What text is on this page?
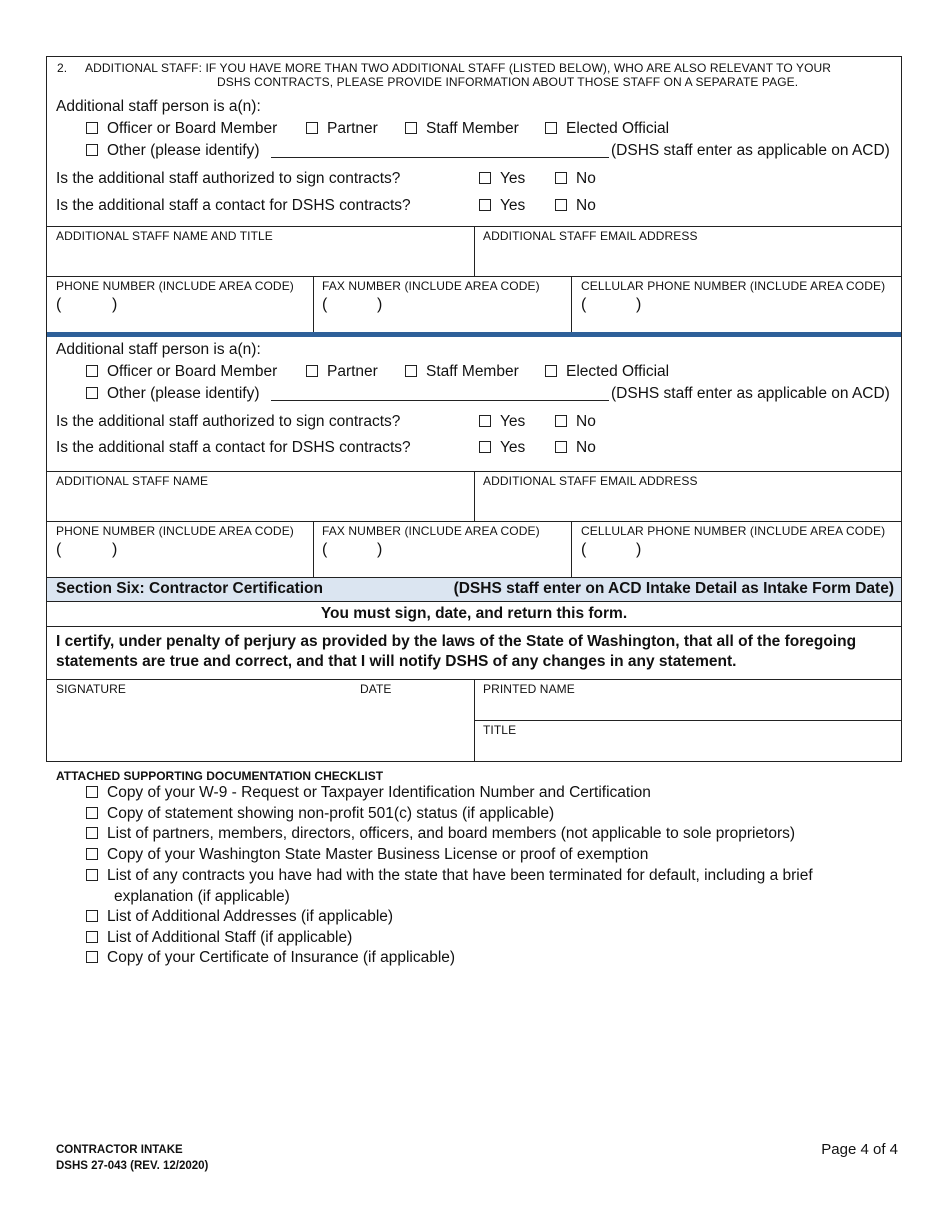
2. ADDITIONAL STAFF: IF YOU HAVE MORE THAN TWO ADDITIONAL STAFF (LISTED BELOW), WHO ARE ALSO RELEVANT TO YOUR
DSHS CONTRACTS, PLEASE PROVIDE INFORMATION ABOUT THOSE STAFF ON A SEPARATE PAGE.
Additional staff person is a(n):
Officer or Board Member	Partner	Staff Member	Elected Official
Other (please identify)	(DSHS staff enter as applicable on ACD)
Is the additional staff authorized to sign contracts?	Yes	No
Is the additional staff a contact for DSHS contracts?	Yes	No
ADDITIONAL STAFF NAME AND TITLE	ADDITIONAL STAFF EMAIL ADDRESS
PHONE NUMBER (INCLUDE AREA CODE)
(	)
FAX NUMBER (INCLUDE AREA CODE)
(	)
CELLULAR PHONE NUMBER (INCLUDE AREA CODE)
(	)
Additional staff person is a(n):
Officer or Board Member	Partner	Staff Member	Elected Official
Other (please identify)	(DSHS staff enter as applicable on ACD)
Is the additional staff authorized to sign contracts?	Yes	No
Is the additional staff a contact for DSHS contracts?	Yes	No
ADDITIONAL STAFF NAME	ADDITIONAL STAFF EMAIL ADDRESS
PHONE NUMBER (INCLUDE AREA CODE)
(	)
FAX NUMBER (INCLUDE AREA CODE)
(	)
CELLULAR PHONE NUMBER (INCLUDE AREA CODE)
(	)
Section Six: Contractor Certification	(DSHS staff enter on ACD Intake Detail as Intake Form Date)
You must sign, date, and return this form.
I certify, under penalty of perjury as provided by the laws of the State of Washington, that all of the foregoing
statements are true and correct, and that I will notify DSHS of any changes in any statement.
SIGNATURE	DATE	PRINTED NAME
TITLE
ATTACHED SUPPORTING DOCUMENTATION CHECKLIST
Copy of your W-9 - Request or Taxpayer Identification Number and Certification
Copy of statement showing non-profit 501(c) status (if applicable)
List of partners, members, directors, officers, and board members (not applicable to sole proprietors)
Copy of your Washington State Master Business License or proof of exemption
List of any contracts you have had with the state that have been terminated for default, including a brief
explanation (if applicable)
List of Additional Addresses (if applicable)
List of Additional Staff (if applicable)
Copy of your Certificate of Insurance (if applicable)
CONTRACTOR INTAKE
DSHS 27-043 (REV. 12/2020)
Page 4 of 4
